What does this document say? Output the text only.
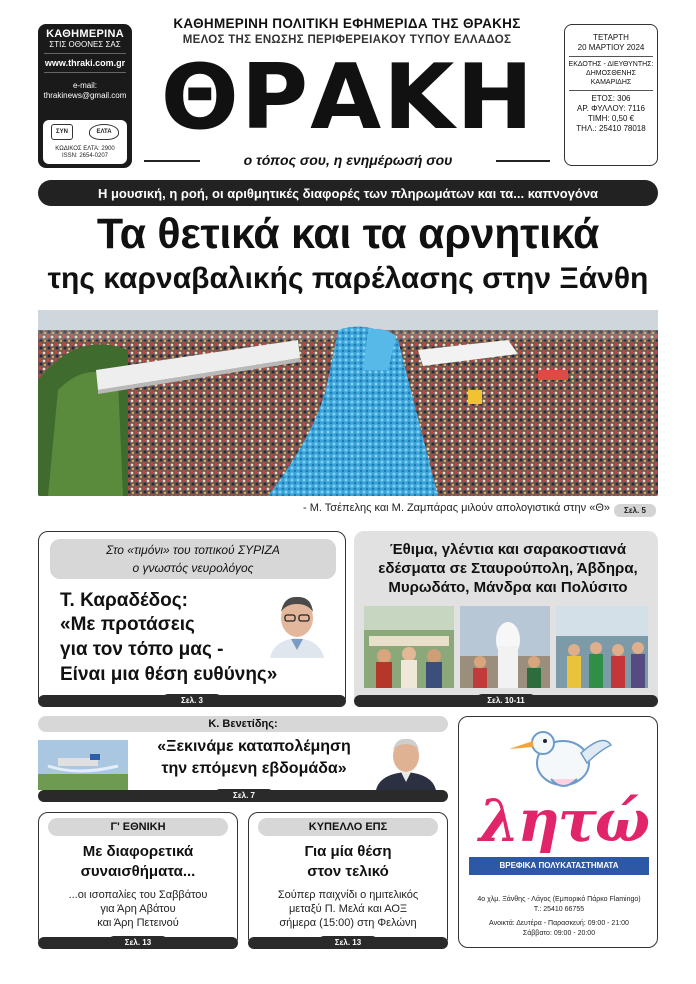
ΚΑΘΗΜΕΡΙΝΑ
ΣΤΙΣ ΟΘΟΝΕΣ ΣΑΣ
www.thraki.com.gr
e-mail:
thrakinews@gmail.com
ΣΥΝ	ΕΛΤΑ
ΚΩΔΙΚΟΣ ΕΛΤΑ: 2900
ISSN: 2654-0207
ΚΑΘΗΜΕΡΙΝΗ ΠΟΛΙΤΙΚΗ ΕΦΗΜΕΡΙΔΑ ΤΗΣ ΘΡΑΚΗΣ
ΜΕΛΟΣ ΤΗΣ ΕΝΩΣΗΣ ΠΕΡΙΦΕΡΕΙΑΚΟΥ ΤΥΠΟΥ ΕΛΛΑΔΟΣ
ΘΡΑΚΗ
ο τόπος σου, η ενημέρωσή σου
ΤΕΤΑΡΤΗ
20 ΜΑΡΤΙΟΥ 2024
ΕΚΔΟΤΗΣ - ΔΙΕΥΘΥΝΤΗΣ:
ΔΗΜΟΣΘΕΝΗΣ
ΚΑΜΑΡΙΔΗΣ
ΕΤΟΣ: 306
ΑΡ. ΦΥΛΛΟΥ: 7116
ΤΙΜΗ: 0,50 €
ΤΗΛ.: 25410 78018
Η μουσική, η ροή, οι αριθμητικές διαφορές των πληρωμάτων και τα... καπνογόνα
Τα θετικά και τα αρνητικά
της καρναβαλικής παρέλασης στην Ξάνθη
- Μ. Τσέπελης και Μ. Ζαμπάρας μιλούν απολογιστικά στην «Θ»	Σελ. 5
Στο «τιμόνι» του τοπικού ΣΥΡΙΖΑ
ο γνωστός νευρολόγος
Τ. Καραδέδος:
«Με προτάσεις
για τον τόπο μας -
Είναι μια θέση ευθύνης»
Σελ. 3
Έθιμα, γλέντια και σαρακοστιανά
εδέσματα σε Σταυρούπολη, Άβδηρα,
Μυρωδάτο, Μάνδρα και Πολύσιτο
Σελ. 10-11
Κ. Βενετίδης:
«Ξεκινάμε καταπολέμηση
την επόμενη εβδομάδα»
Σελ. 7
Γ' ΕΘΝΙΚΗ
Με διαφορετικά
συναισθήματα...
...οι ισοπαλίες του Σαββάτου
για Άρη Αβάτου
και Άρη Πετεινού
Σελ. 13
ΚΥΠΕΛΛΟ ΕΠΣ
Για μία θέση
στον τελικό
Σούπερ παιχνίδι ο ημιτελικός
μεταξύ Π. Μελά και ΑΟΞ
σήμερα (15:00) στη Φελώνη
Σελ. 13
λητώ
ΒΡΕΦΙΚΑ ΠΟΛΥΚΑΤΑΣΤΗΜΑΤΑ
4ο χλμ. Ξάνθης - Λάγος (Εμπορικό Πάρκο Flamingo)
Τ.: 25410 66755
Ανοικτά: Δευτέρα - Παρασκευή: 09:00 - 21:00
Σάββατο: 09:00 - 20:00
